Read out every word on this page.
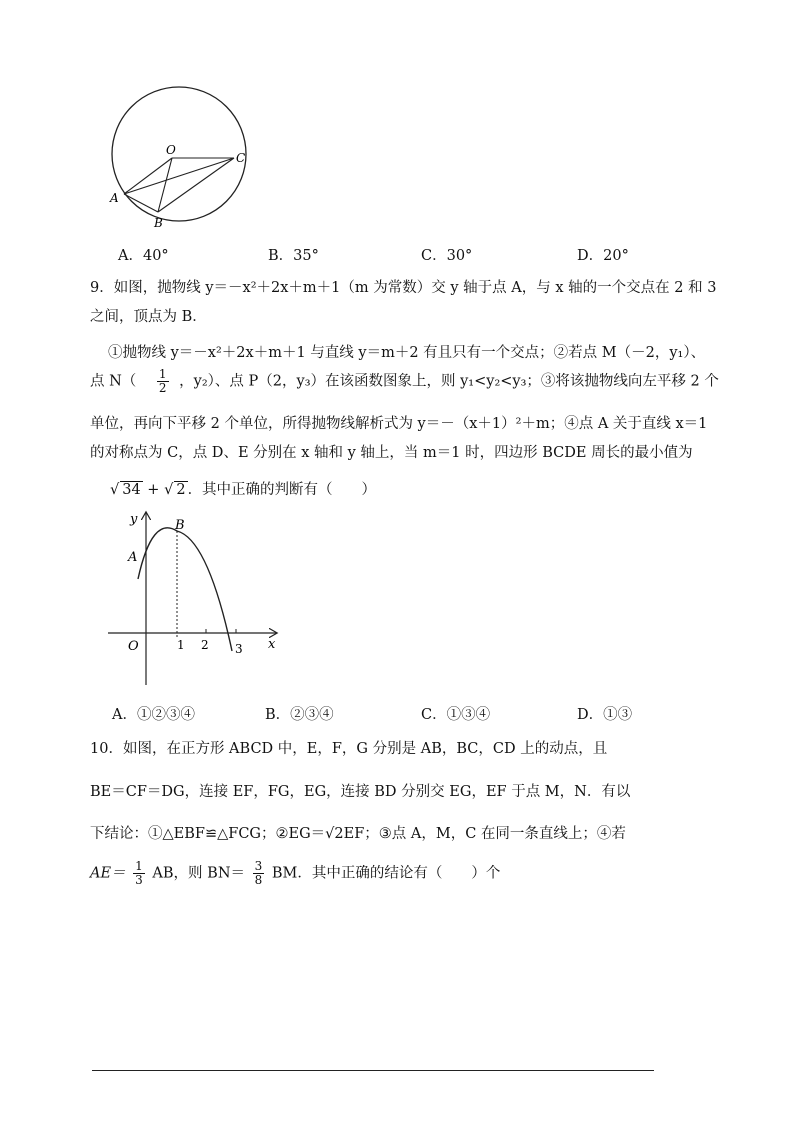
O
C
A
B
A．40°	B．35°	C．30°	D．20°
9．如图，抛物线 y＝－x²＋2x＋m＋1（m 为常数）交 y 轴于点 A，与 x 轴的一个交点在 2 和 3
之间，顶点为 B．
①抛物线 y＝－x²＋2x＋m＋1 与直线 y＝m＋2 有且只有一个交点；②若点 M（－2，y₁）、
点 $N( \frac{1}{2}$ ，y₂）、点 P（2，y₃）在该函数图象上，则 y₁<y₂<y₃；③将该抛物线向左平移 2 个
单位，再向下平移 2 个单位，所得抛物线解析式为 y＝－（x＋1）²＋m；④点 A 关于直线 x＝1
的对称点为 C，点 D、E 分别在 x 轴和 y 轴上，当 m＝1 时，四边形 BCDE 周长的最小值为
√ 34 + √ 2 ．其中正确的判断有（　　）
y
x
O
A
B
1 2 3
A．①②③④	B．②③④	C．①③④	D．①③
10．如图，在正方形 ABCD 中，E，F，G 分别是 AB，BC，CD 上的动点，且
BE＝CF＝DG，连接 EF，FG，EG，连接 BD 分别交 EG，EF 于点 M，N．有以
下结论：①△EBF≌△FCG；②EG＝√2EF；③点 A，M，C 在同一条直线上；④若
$AE= \frac{1}{3}$ AB，则 $BN= \frac{3}{8}$ BM．其中正确的结论有（　　）个
